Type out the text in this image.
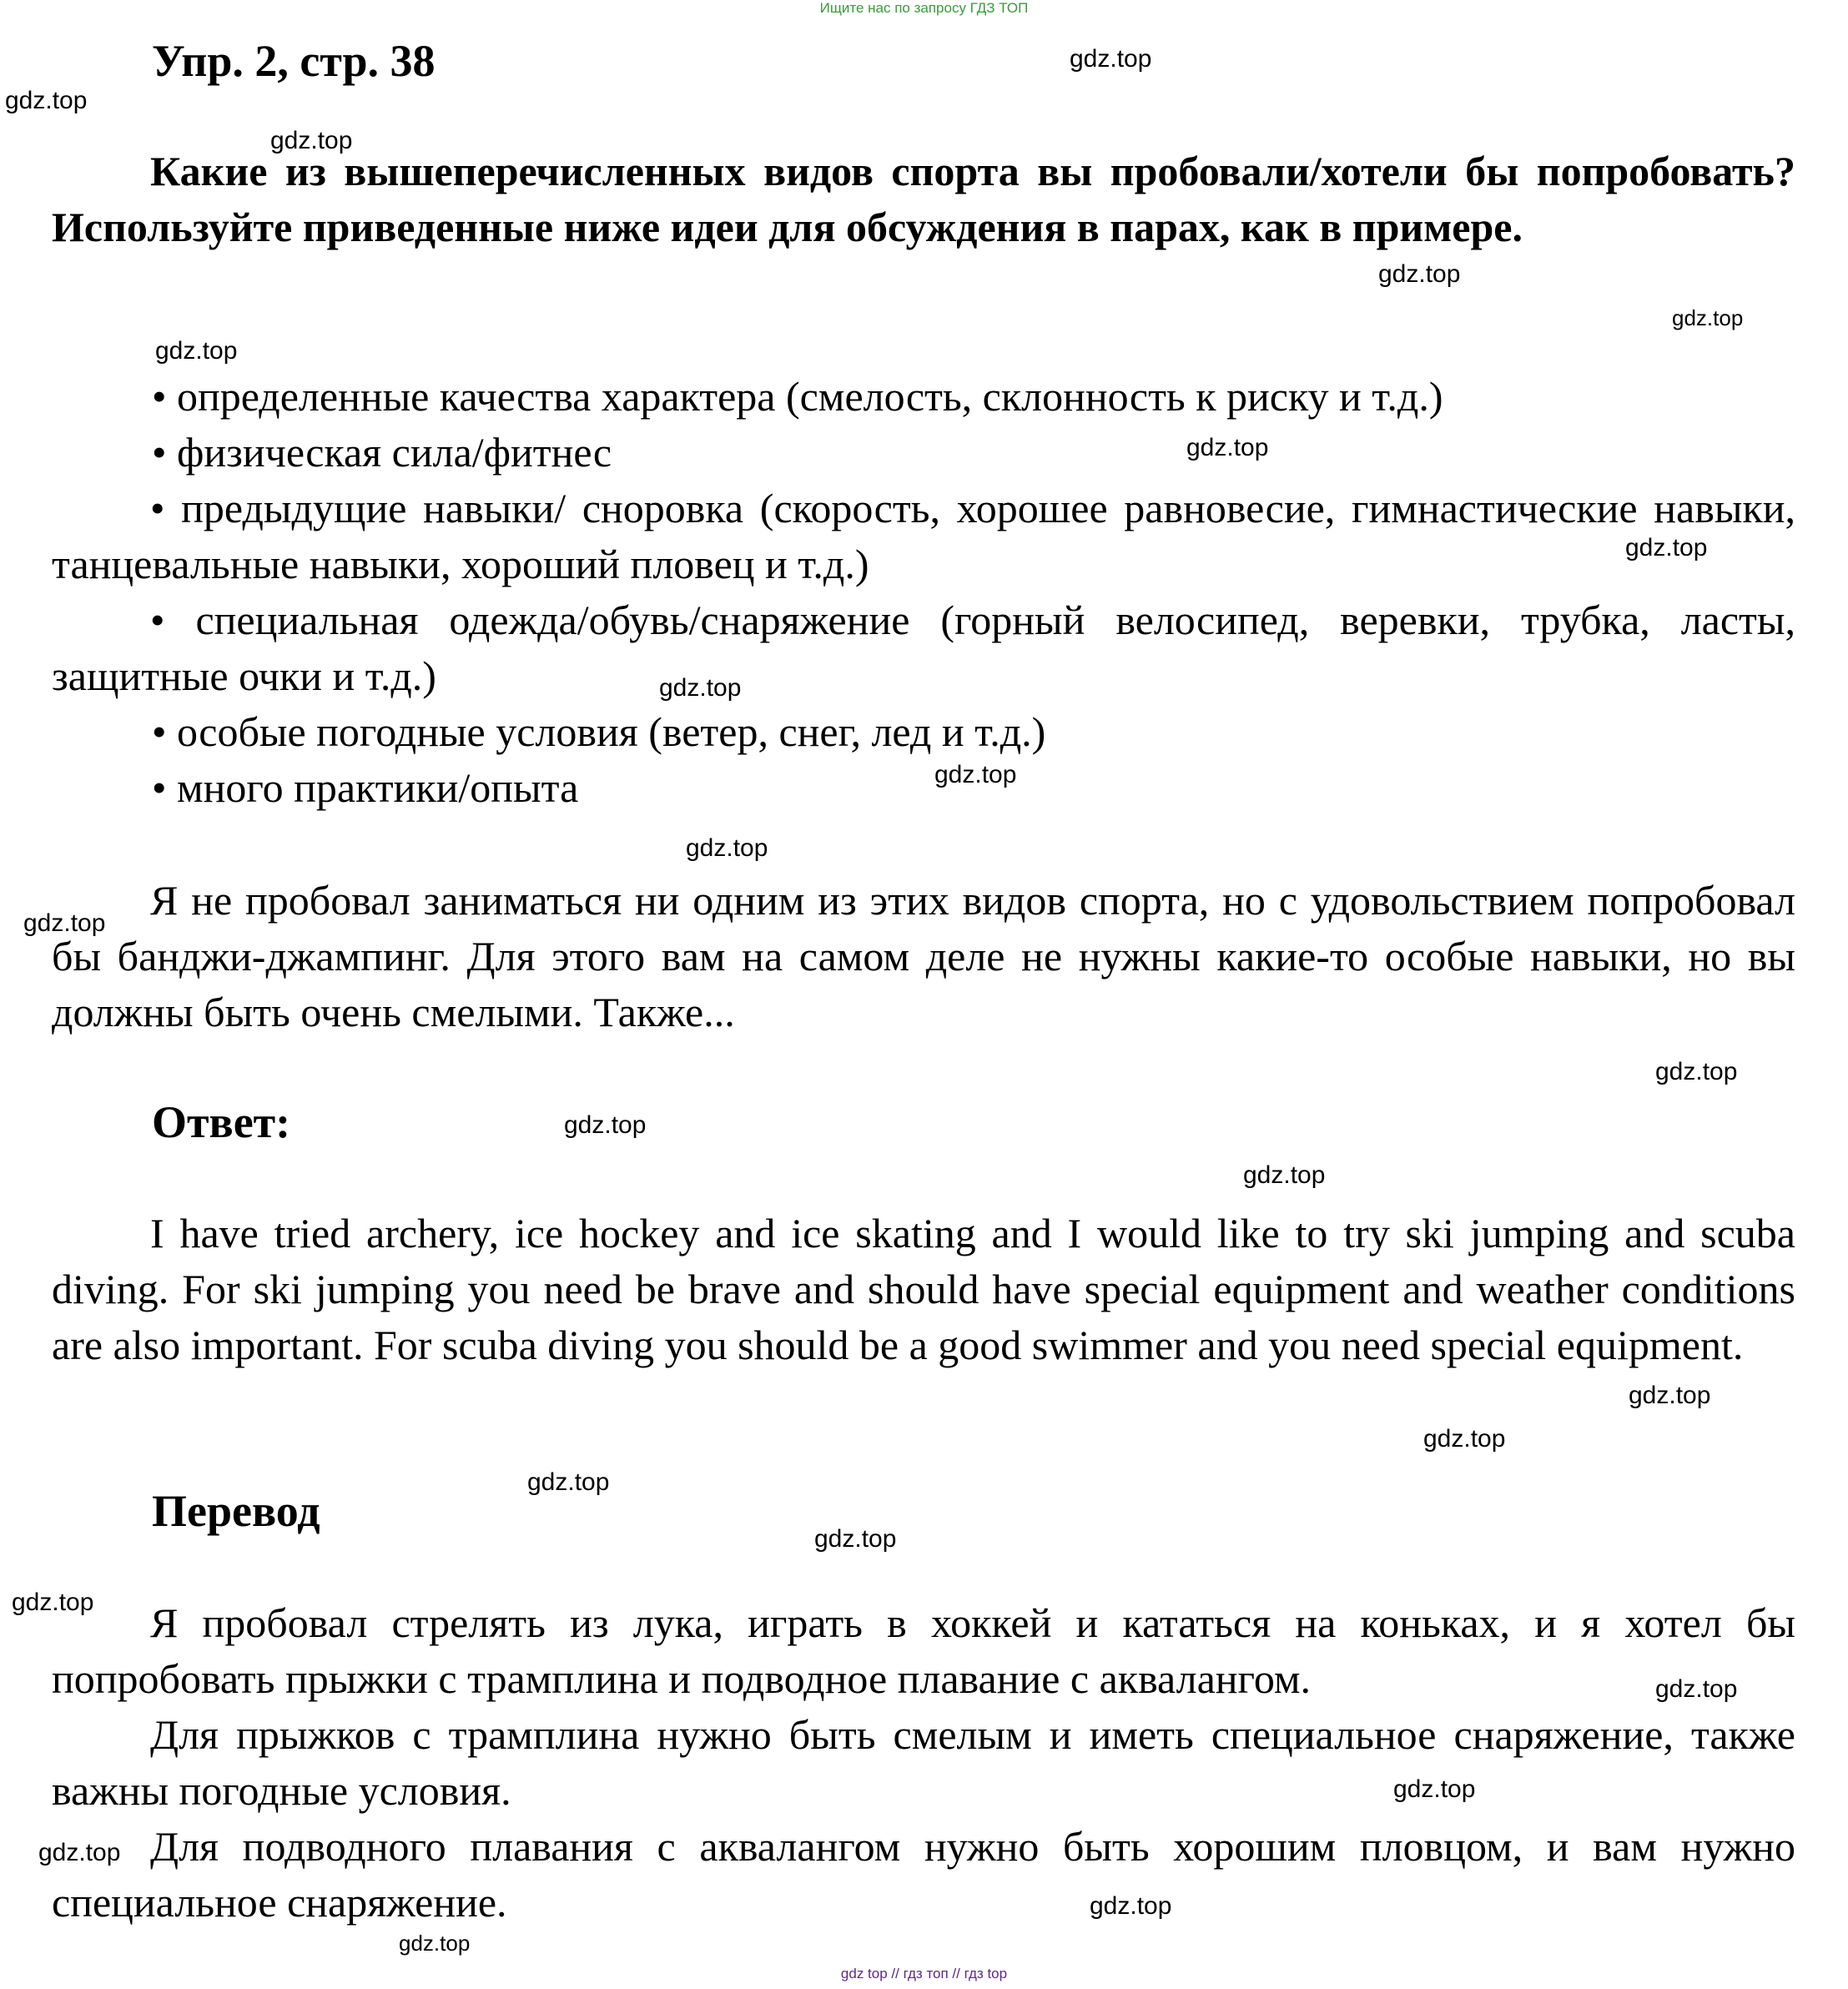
Ищите нас по запросу ГДЗ ТОП
Упр. 2, стр. 38

Какие из вышеперечисленных видов спорта вы пробовали/хотели бы попробовать? Используйте приведенные ниже идеи для обсуждения в парах, как в примере.

• определенные качества характера (смелость, склонность к риску и т.д.)

• физическая сила/фитнес

• предыдущие навыки/ сноровка (скорость, хорошее равновесие, гимнастические навыки, танцевальные навыки, хороший пловец и т.д.)

• специальная одежда/обувь/снаряжение (горный велосипед, веревки, трубка, ласты, защитные очки и т.д.)

• особые погодные условия (ветер, снег, лед и т.д.)

• много практики/опыта

Я не пробовал заниматься ни одним из этих видов спорта, но с удовольствием попробовал бы банджи-джампинг. Для этого вам на самом деле не нужны какие-то особые навыки, но вы должны быть очень смелыми. Также...

Ответ:

I have tried archery, ice hockey and ice skating and I would like to try ski jumping and scuba diving. For ski jumping you need be brave and should have special equipment and weather conditions are also important. For scuba diving you should be a good swimmer and you need special equipment.

Перевод

Я пробовал стрелять из лука, играть в хоккей и кататься на коньках, и я хотел бы попробовать прыжки с трамплина и подводное плавание с аквалангом.

Для прыжков с трамплина нужно быть смелым и иметь специальное снаряжение, также важны погодные условия.

Для подводного плавания с аквалангом нужно быть хорошим пловцом, и вам нужно специальное снаряжение.

gdz.top
gdz.top
gdz.top
gdz.top
gdz.top
gdz.top
gdz.top
gdz.top
gdz.top
gdz.top
gdz.top
gdz.top
gdz.top
gdz.top
gdz.top
gdz.top
gdz.top
gdz.top
gdz.top
gdz.top
gdz.top
gdz.top
gdz.top
gdz.top
gdz.top
gdz top // гдз топ // гдз top
